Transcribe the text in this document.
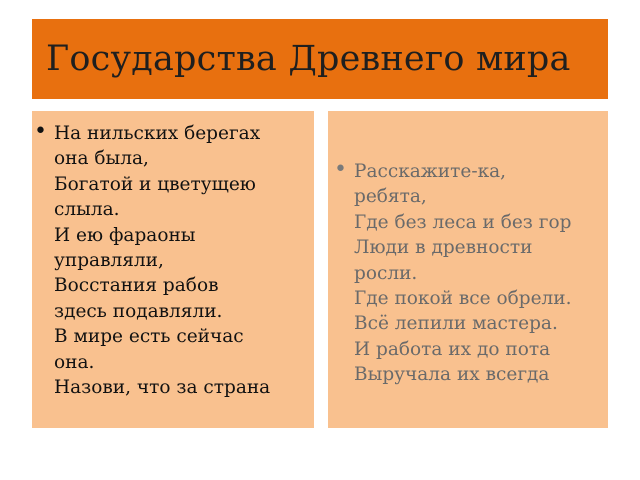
Государства Древнего мира
• На нильских берегах
она была,
Богатой и цветущею
слыла.
И ею фараоны
управляли,
Восстания рабов
здесь подавляли.
В мире есть сейчас
она.
Назови, что за страна
• Расскажите-ка,
ребята,
Где без леса и без гор
Люди в древности
росли.
Где покой все обрели.
Всё лепили мастера.
И работа их до пота
Выручала их всегда
